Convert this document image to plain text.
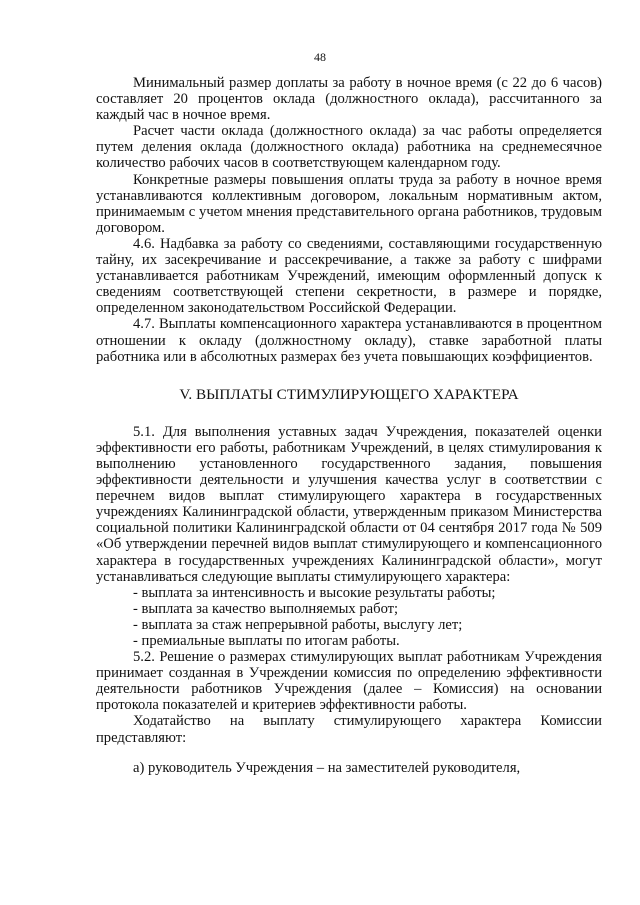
48

Минимальный размер доплаты за работу в ночное время (с 22 до 6 часов) составляет 20 процентов оклада (должностного оклада), рассчитанного за каждый час в ночное время.

Расчет части оклада (должностного оклада) за час работы определяется путем деления оклада (должностного оклада) работника на среднемесячное количество рабочих часов в соответствующем календарном году.

Конкретные размеры повышения оплаты труда за работу в ночное время устанавливаются коллективным договором, локальным нормативным актом, принимаемым с учетом мнения представительного органа работников, трудовым договором.

4.6. Надбавка за работу со сведениями, составляющими государственную тайну, их засекречивание и рассекречивание, а также за работу с шифрами устанавливается работникам Учреждений, имеющим оформленный допуск к сведениям соответствующей степени секретности, в размере и порядке, определенном законодательством Российской Федерации.

4.7. Выплаты компенсационного характера устанавливаются в процентном отношении к окладу (должностному окладу), ставке заработной платы работника или в абсолютных размерах без учета повышающих коэффициентов.

V. ВЫПЛАТЫ СТИМУЛИРУЮЩЕГО ХАРАКТЕРА

5.1. Для выполнения уставных задач Учреждения, показателей оценки эффективности его работы, работникам Учреждений, в целях стимулирования к выполнению установленного государственного задания, повышения эффективности деятельности и улучшения качества услуг в соответствии с перечнем видов выплат стимулирующего характера в государственных учреждениях Калининградской области, утвержденным приказом Министерства социальной политики Калининградской области от 04 сентября 2017 года № 509 «Об утверждении перечней видов выплат стимулирующего и компенсационного характера в государственных учреждениях Калининградской области», могут устанавливаться следующие выплаты стимулирующего характера:

- выплата за интенсивность и высокие результаты работы;

- выплата за качество выполняемых работ;

- выплата за стаж непрерывной работы, выслугу лет;

- премиальные выплаты по итогам работы.

5.2. Решение о размерах стимулирующих выплат работникам Учреждения принимает созданная в Учреждении комиссия по определению эффективности деятельности работников Учреждения (далее – Комиссия) на основании протокола показателей и критериев эффективности работы.

Ходатайство на выплату стимулирующего характера Комиссии представляют:

а) руководитель Учреждения – на заместителей руководителя,
